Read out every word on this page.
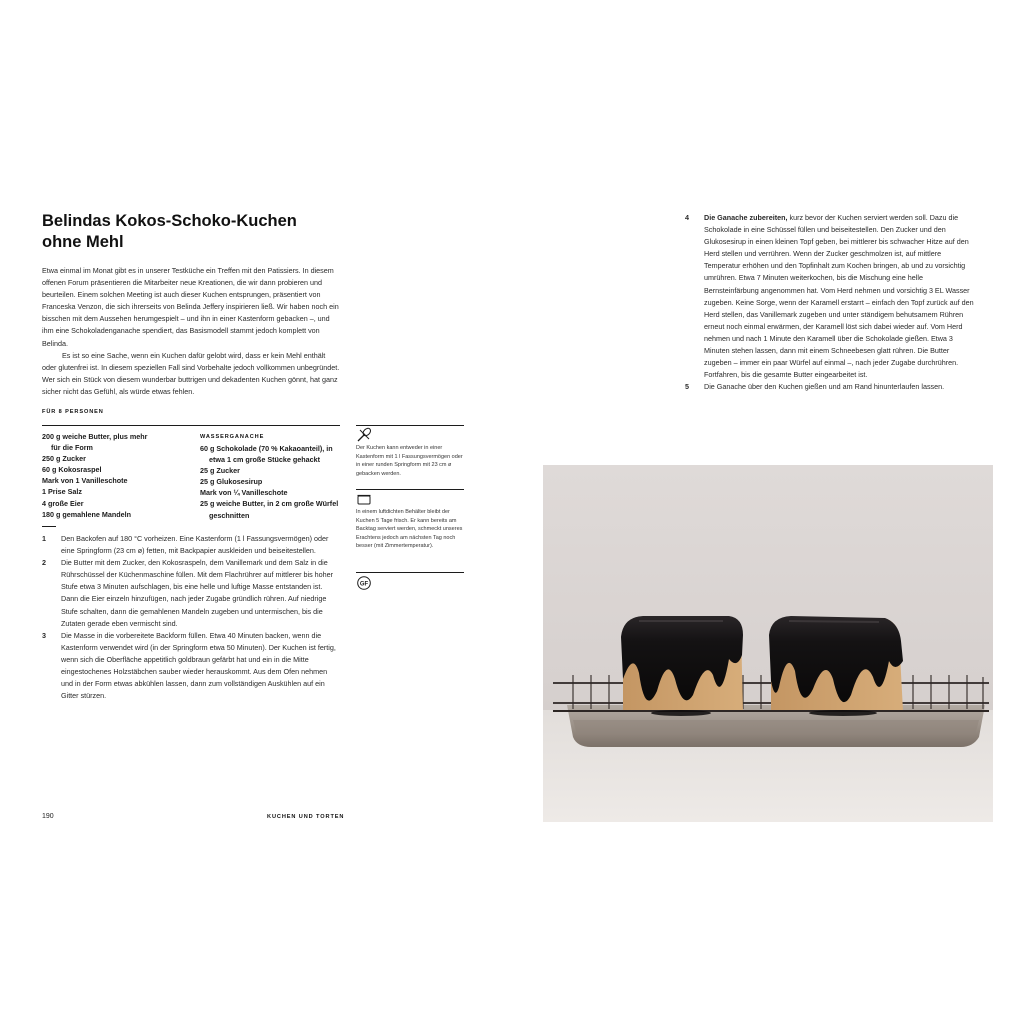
Belindas Kokos-Schoko-Kuchen
ohne Mehl

Etwa einmal im Monat gibt es in unserer Testküche ein Treffen mit den Patissiers. In diesem offenen Forum präsentieren die Mitarbeiter neue Kreationen, die wir dann probieren und beurteilen. Einem solchen Meeting ist auch dieser Kuchen entsprungen, präsentiert von Franceska Venzon, die sich ihrerseits von Belinda Jeffery inspirieren ließ. Wir haben noch ein bisschen mit dem Aussehen herumgespielt – und ihn in einer Kastenform gebacken –, und ihm eine Schokoladenganache spendiert, das Basismodell stammt jedoch komplett von Belinda.

Es ist so eine Sache, wenn ein Kuchen dafür gelobt wird, dass er kein Mehl enthält oder glutenfrei ist. In diesem speziellen Fall sind Vorbehalte jedoch vollkommen unbegründet. Wer sich ein Stück von diesem wunderbar buttrigen und dekadenten Kuchen gönnt, hat ganz sicher nicht das Gefühl, als würde etwas fehlen.

FÜR 8 PERSONEN
200 g weiche Butter, plus mehr
für die Form
250 g Zucker
60 g Kokosraspel
Mark von 1 Vanilleschote
1 Prise Salz
4 große Eier
180 g gemahlene Mandeln
WASSERGANACHE
60 g Schokolade (70 % Kakaoanteil), in
etwa 1 cm große Stücke gehackt
25 g Zucker
25 g Glukosesirup
Mark von ¼ Vanilleschote
25 g weiche Butter, in 2 cm große Würfel
geschnitten
1 Den Backofen auf 180 °C vorheizen. Eine Kastenform (1 l Fassungsvermögen) oder eine Springform (23 cm ø) fetten, mit Backpapier auskleiden und beiseitestellen.
2 Die Butter mit dem Zucker, den Kokosraspeln, dem Vanillemark und dem Salz in die Rührschüssel der Küchenmaschine füllen. Mit dem Flachrührer auf mittlerer bis hoher Stufe etwa 3 Minuten aufschlagen, bis eine helle und luftige Masse entstanden ist. Dann die Eier einzeln hinzufügen, nach jeder Zugabe gründlich rühren. Auf niedrige Stufe schalten, dann die gemahlenen Mandeln zugeben und untermischen, bis die Zutaten gerade eben vermischt sind.
3 Die Masse in die vorbereitete Backform füllen. Etwa 40 Minuten backen, wenn die Kastenform verwendet wird (in der Springform etwa 50 Minuten). Der Kuchen ist fertig, wenn sich die Oberfläche appetitlich goldbraun gefärbt hat und ein in die Mitte eingestochenes Holzstäbchen sauber wieder herauskommt. Aus dem Ofen nehmen und in der Form etwas abkühlen lassen, dann zum vollständigen Auskühlen auf ein Gitter stürzen.
Der Kuchen kann entweder in einer Kastenform mit 1 l Fassungsvermögen oder in einer runden Springform mit 23 cm ø gebacken werden.
In einem luftdichten Behälter bleibt der Kuchen 5 Tage frisch. Er kann bereits am Backtag serviert werden, schmeckt unseres Erachtens jedoch am nächsten Tag noch besser (mit Zimmertemperatur).
GF
4 Die Ganache zubereiten, kurz bevor der Kuchen serviert werden soll. Dazu die Schokolade in eine Schüssel füllen und beiseitestellen. Den Zucker und den Glukosesirup in einen kleinen Topf geben, bei mittlerer bis schwacher Hitze auf den Herd stellen und verrühren. Wenn der Zucker geschmolzen ist, auf mittlere Temperatur erhöhen und den Topfinhalt zum Kochen bringen, ab und zu vorsichtig umrühren. Etwa 7 Minuten weiterkochen, bis die Mischung eine helle Bernsteinfärbung angenommen hat. Vom Herd nehmen und vorsichtig 3 EL Wasser zugeben. Keine Sorge, wenn der Karamell erstarrt – einfach den Topf zurück auf den Herd stellen, das Vanillemark zugeben und unter ständigem behutsamem Rühren erneut noch einmal erwärmen, der Karamell löst sich dabei wieder auf. Vom Herd nehmen und nach 1 Minute den Karamell über die Schokolade gießen. Etwa 3 Minuten stehen lassen, dann mit einem Schneebesen glatt rühren. Die Butter zugeben – immer ein paar Würfel auf einmal –, nach jeder Zugabe durchrühren. Fortfahren, bis die gesamte Butter eingearbeitet ist.
5 Die Ganache über den Kuchen gießen und am Rand hinunterlaufen lassen.
190	KUCHEN UND TORTEN
